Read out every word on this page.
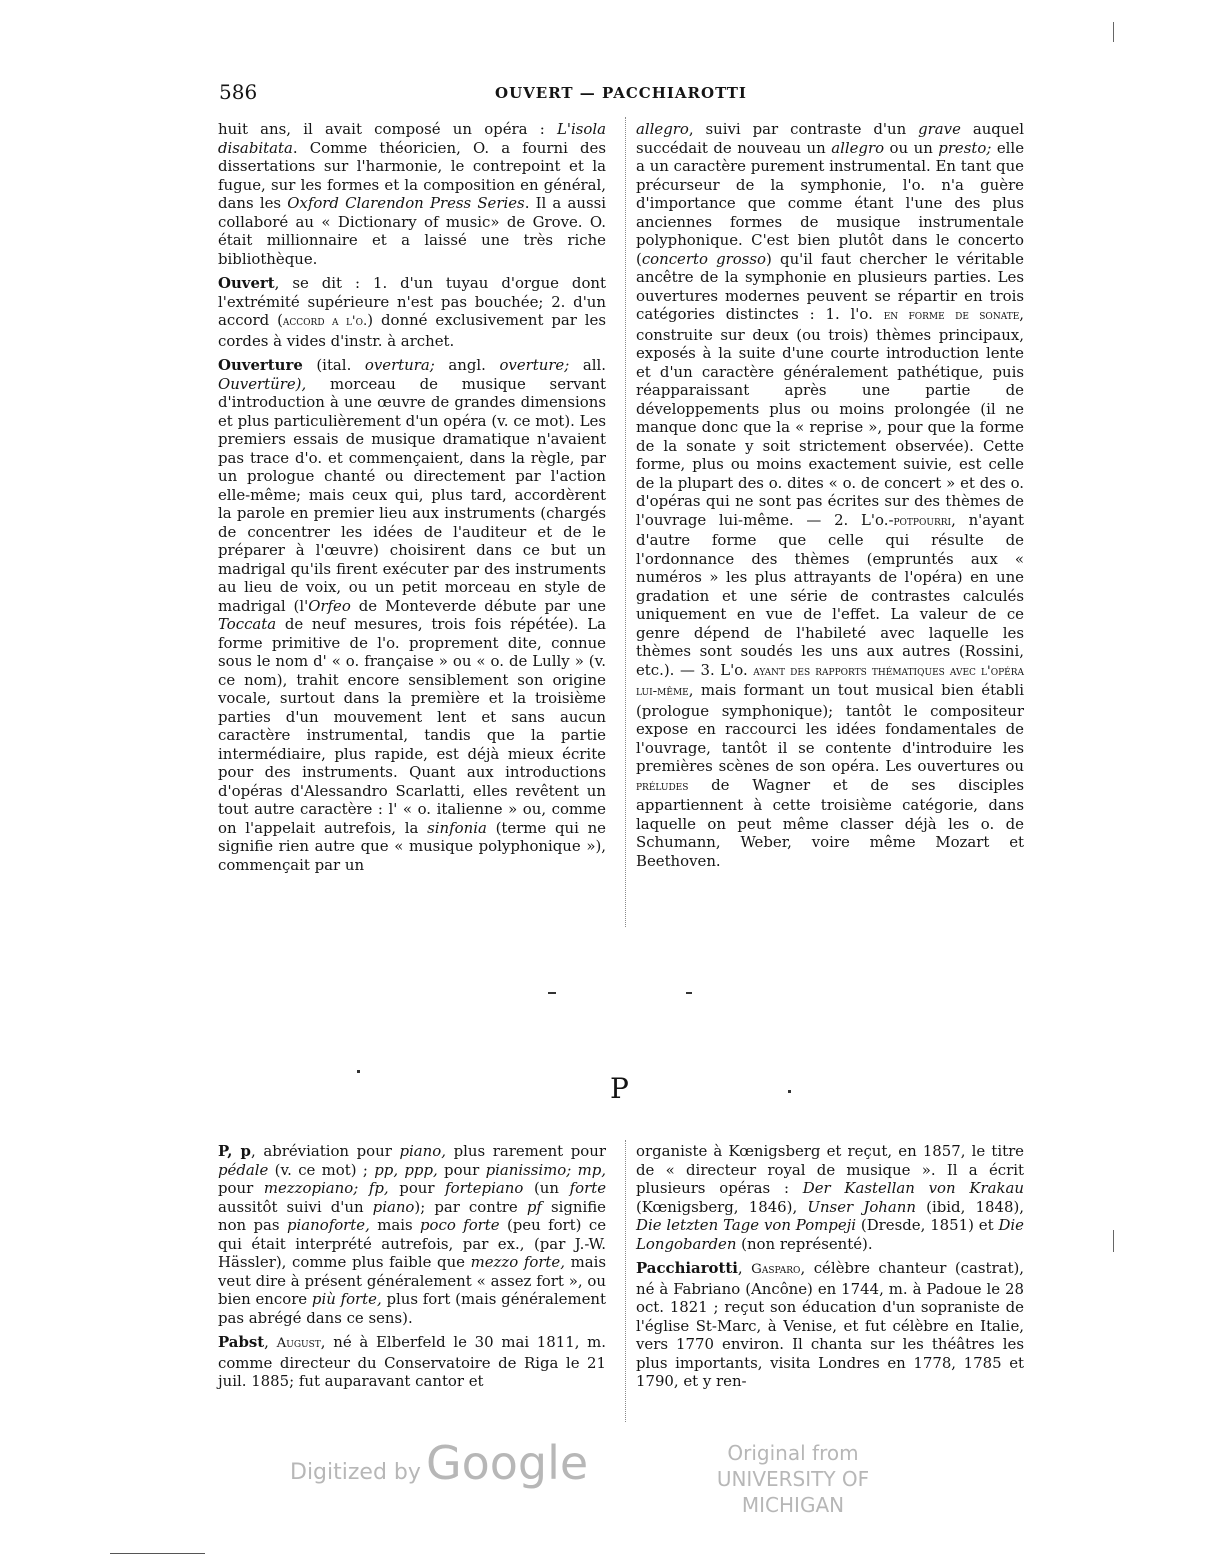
586	OUVERT — PACCHIAROTTI

huit ans, il avait composé un opéra : L'isola disabitata. Comme théoricien, O. a fourni des dissertations sur l'harmonie, le contrepoint et la fugue, sur les formes et la composition en général, dans les Oxford Clarendon Press Series. Il a aussi collaboré au « Dictionary of music» de Grove. O. était millionnaire et a laissé une très riche bibliothèque.

Ouvert, se dit : 1. d'un tuyau d'orgue dont l'extrémité supérieure n'est pas bouchée; 2. d'un accord (accord a l'o.) donné exclusivement par les cordes à vides d'instr. à archet.

Ouverture (ital. overtura; angl. overture; all. Ouvertüre), morceau de musique servant d'introduction à une œuvre de grandes dimensions et plus particulièrement d'un opéra (v. ce mot). Les premiers essais de musique dramatique n'avaient pas trace d'o. et commençaient, dans la règle, par un prologue chanté ou directement par l'action elle-même; mais ceux qui, plus tard, accordèrent la parole en premier lieu aux instruments (chargés de concentrer les idées de l'auditeur et de le préparer à l'œuvre) choisirent dans ce but un madrigal qu'ils firent exécuter par des instruments au lieu de voix, ou un petit morceau en style de madrigal (l'Orfeo de Monteverde débute par une Toccata de neuf mesures, trois fois répétée). La forme primitive de l'o. proprement dite, connue sous le nom d' « o. française » ou « o. de Lully » (v. ce nom), trahit encore sensiblement son origine vocale, surtout dans la première et la troisième parties d'un mouvement lent et sans aucun caractère instrumental, tandis que la partie intermédiaire, plus rapide, est déjà mieux écrite pour des instruments. Quant aux introductions d'opéras d'Alessandro Scarlatti, elles revêtent un tout autre caractère : l' « o. italienne » ou, comme on l'appelait autrefois, la sinfonia (terme qui ne signifie rien autre que « musique polyphonique »), commençait par un

allegro, suivi par contraste d'un grave auquel succédait de nouveau un allegro ou un presto; elle a un caractère purement instrumental. En tant que précurseur de la symphonie, l'o. n'a guère d'importance que comme étant l'une des plus anciennes formes de musique instrumentale polyphonique. C'est bien plutôt dans le concerto (concerto grosso) qu'il faut chercher le véritable ancêtre de la symphonie en plusieurs parties. Les ouvertures modernes peuvent se répartir en trois catégories distinctes : 1. l'o. en forme de sonate, construite sur deux (ou trois) thèmes principaux, exposés à la suite d'une courte introduction lente et d'un caractère généralement pathétique, puis réapparaissant après une partie de développements plus ou moins prolongée (il ne manque donc que la « reprise », pour que la forme de la sonate y soit strictement observée). Cette forme, plus ou moins exactement suivie, est celle de la plupart des o. dites « o. de concert » et des o. d'opéras qui ne sont pas écrites sur des thèmes de l'ouvrage lui-même. — 2. L'o.-potpourri, n'ayant d'autre forme que celle qui résulte de l'ordonnance des thèmes (empruntés aux « numéros » les plus attrayants de l'opéra) en une gradation et une série de contrastes calculés uniquement en vue de l'effet. La valeur de ce genre dépend de l'habileté avec laquelle les thèmes sont soudés les uns aux autres (Rossini, etc.). — 3. L'o. ayant des rapports thématiques avec l'opéra lui-même, mais formant un tout musical bien établi (prologue symphonique); tantôt le compositeur expose en raccourci les idées fondamentales de l'ouvrage, tantôt il se contente d'introduire les premières scènes de son opéra. Les ouvertures ou préludes de Wagner et de ses disciples appartiennent à cette troisième catégorie, dans laquelle on peut même classer déjà les o. de Schumann, Weber, voire même Mozart et Beethoven.

P

P, p, abréviation pour piano, plus rarement pour pédale (v. ce mot) ; pp, ppp, pour pianissimo; mp, pour mezzopiano; fp, pour fortepiano (un forte aussitôt suivi d'un piano); par contre pf signifie non pas pianoforte, mais poco forte (peu fort) ce qui était interprété autrefois, par ex., (par J.-W. Hässler), comme plus faible que mezzo forte, mais veut dire à présent généralement « assez fort », ou bien encore più forte, plus fort (mais généralement pas abrégé dans ce sens).

Pabst, August, né à Elberfeld le 30 mai 1811, m. comme directeur du Conservatoire de Riga le 21 juil. 1885; fut auparavant cantor et

organiste à Kœnigsberg et reçut, en 1857, le titre de « directeur royal de musique ». Il a écrit plusieurs opéras : Der Kastellan von Krakau (Kœnigsberg, 1846), Unser Johann (ibid, 1848), Die letzten Tage von Pompeji (Dresde, 1851) et Die Longobarden (non représenté).

Pacchiarotti, Gasparo, célèbre chanteur (castrat), né à Fabriano (Ancône) en 1744, m. à Padoue le 28 oct. 1821 ; reçut son éducation d'un sopraniste de l'église St-Marc, à Venise, et fut célèbre en Italie, vers 1770 environ. Il chanta sur les théâtres les plus importants, visita Londres en 1778, 1785 et 1790, et y ren-

Digitized by Google	Original from
UNIVERSITY OF MICHIGAN
